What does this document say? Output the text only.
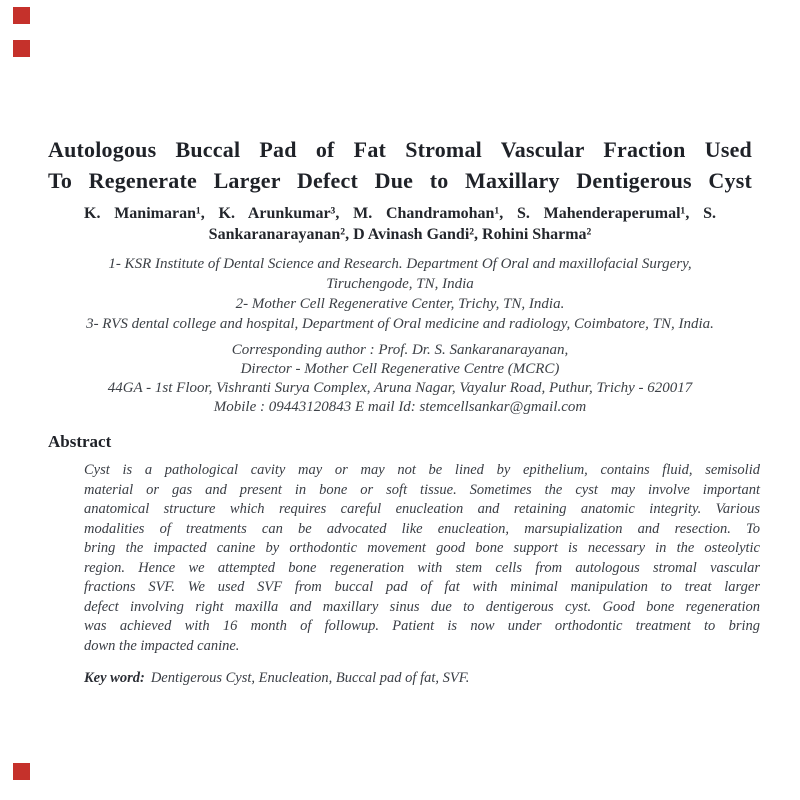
Autologous Buccal Pad of Fat Stromal Vascular Fraction Used
To Regenerate Larger Defect Due to Maxillary Dentigerous Cyst
K. Manimaran¹, K. Arunkumar³, M. Chandramohan¹, S. Mahenderaperumal¹, S.
Sankaranarayanan², D Avinash Gandi², Rohini Sharma²
1- KSR Institute of Dental Science and Research. Department Of Oral and maxillofacial Surgery,
Tiruchengode, TN, India
2- Mother Cell Regenerative Center, Trichy, TN, India.
3- RVS dental college and hospital, Department of Oral medicine and radiology, Coimbatore, TN, India.
Corresponding author : Prof. Dr. S. Sankaranarayanan,
Director - Mother Cell Regenerative Centre (MCRC)
44GA - 1st Floor, Vishranti Surya Complex, Aruna Nagar, Vayalur Road, Puthur, Trichy - 620017
Mobile : 09443120843 E mail Id: stemcellsankar@gmail.com
Abstract
Cyst is a pathological cavity may or may not be lined by epithelium, contains fluid, semisolid
material or gas and present in bone or soft tissue. Sometimes the cyst may involve important
anatomical structure which requires careful enucleation and retaining anatomic integrity. Various
modalities of treatments can be advocated like enucleation, marsupialization and resection. To
bring the impacted canine by orthodontic movement good bone support is necessary in the osteolytic
region. Hence we attempted bone regeneration with stem cells from autologous stromal vascular
fractions SVF. We used SVF from buccal pad of fat with minimal manipulation to treat larger
defect involving right maxilla and maxillary sinus due to dentigerous cyst. Good bone regeneration
was achieved with 16 month of followup. Patient is now under orthodontic treatment to bring
down the impacted canine.
Key word: Dentigerous Cyst, Enucleation, Buccal pad of fat, SVF.
